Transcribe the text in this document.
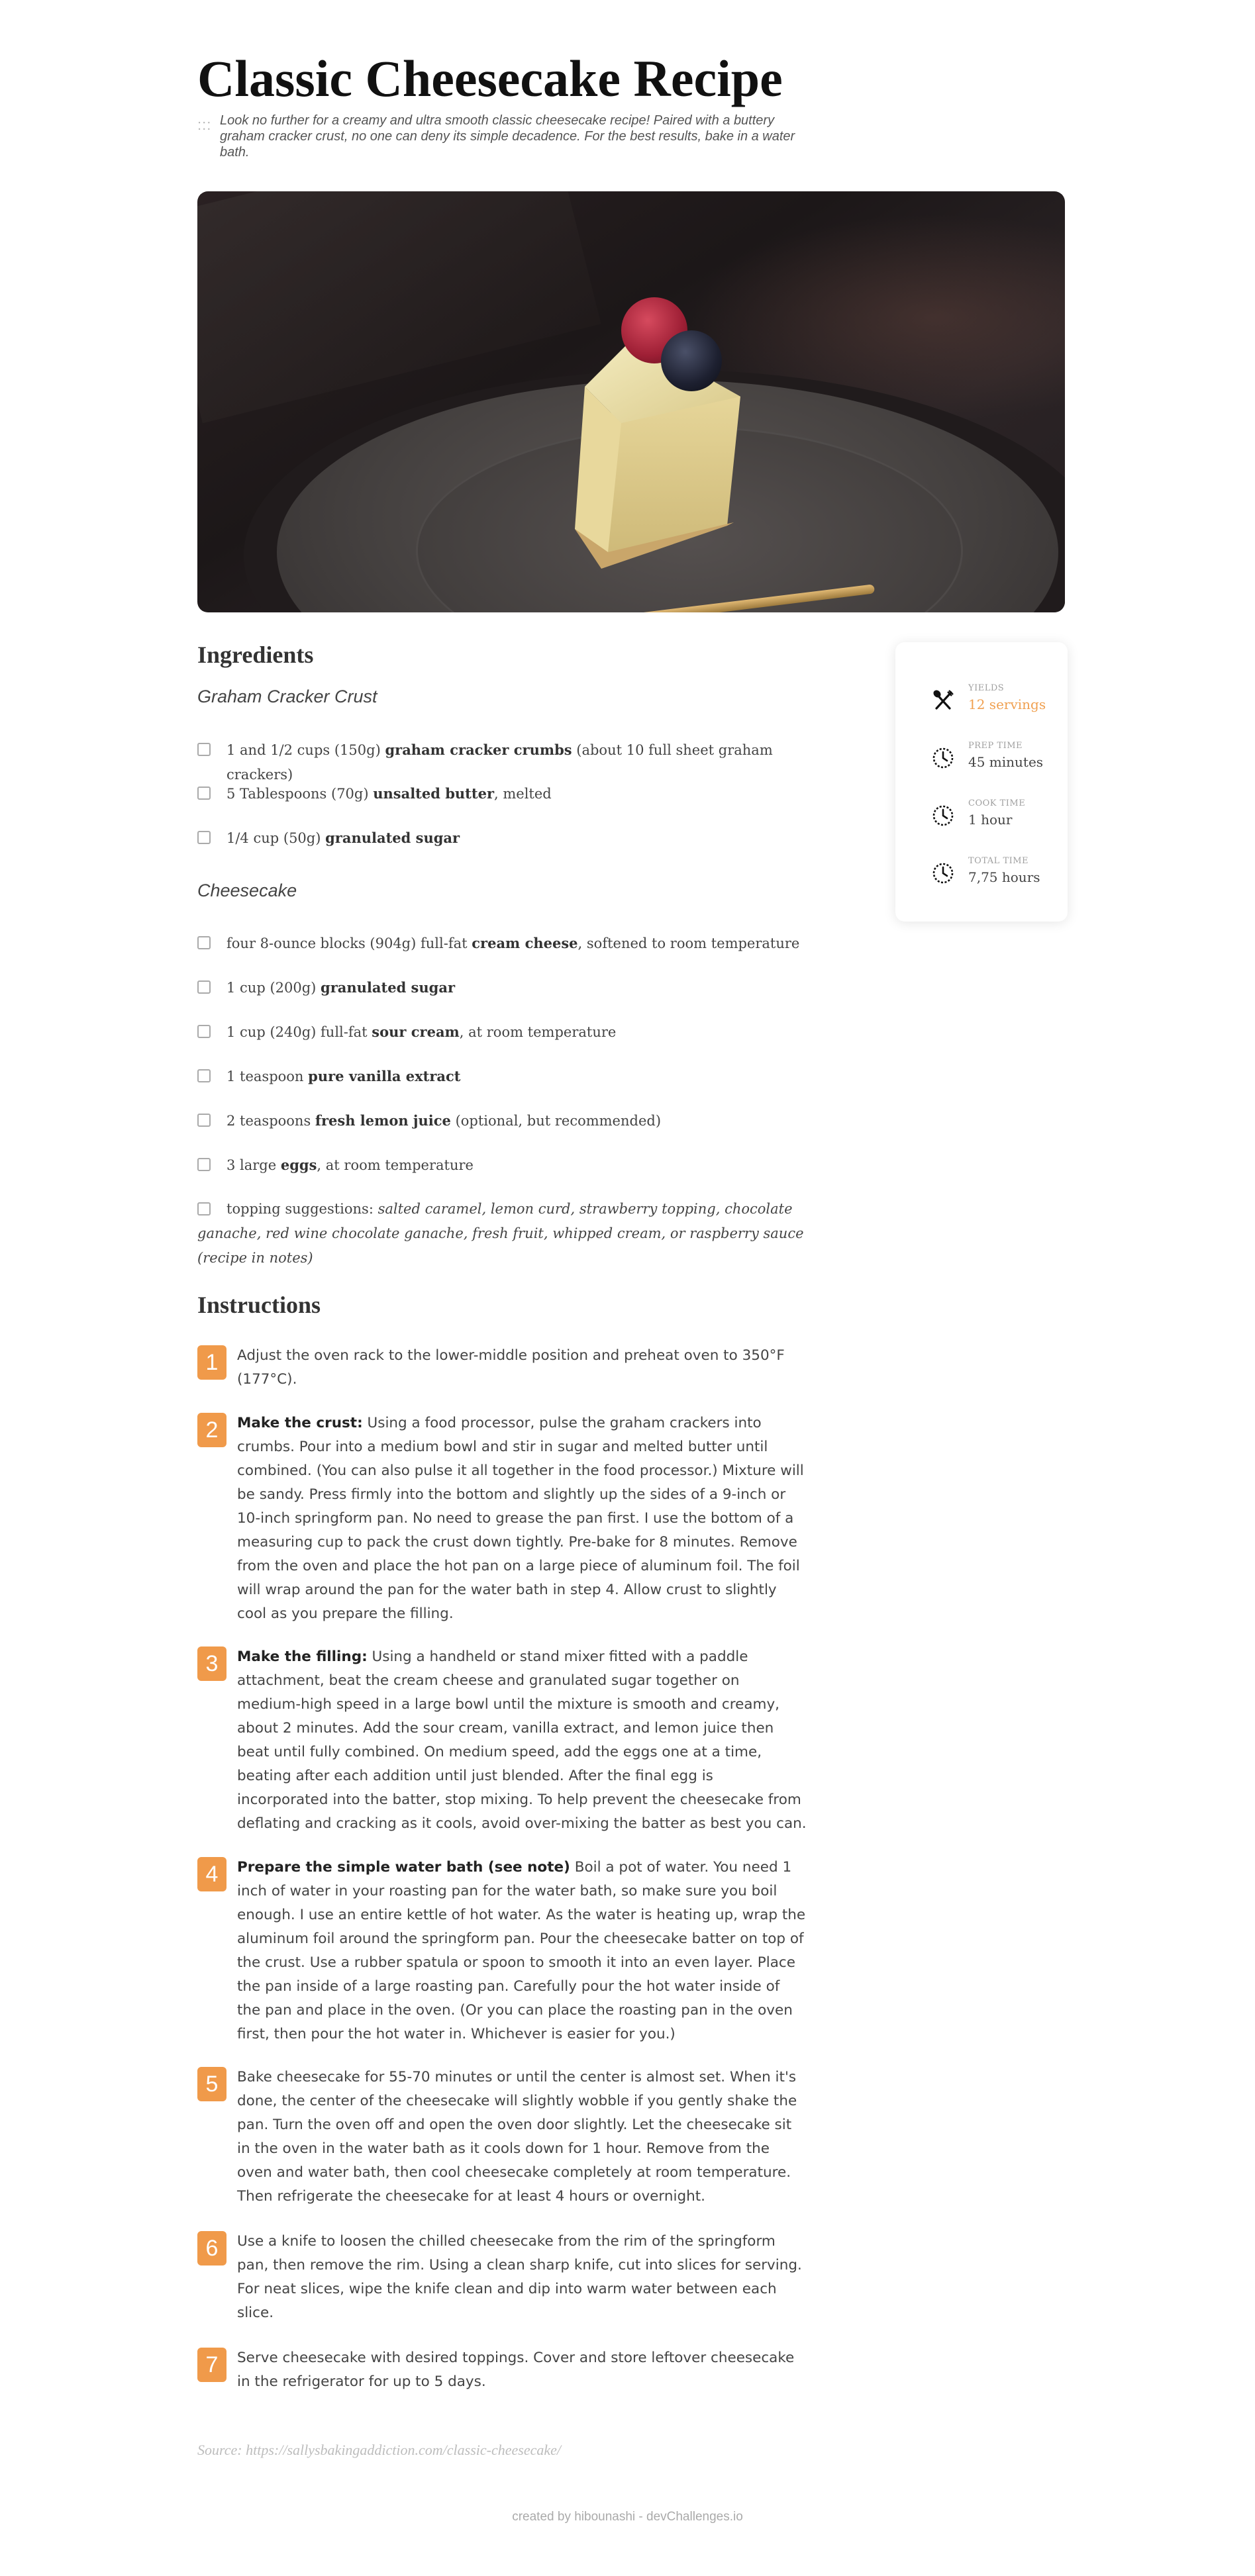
Classic Cheesecake Recipe
::: Look no further for a creamy and ultra smooth classic cheesecake recipe! Paired with a buttery graham cracker crust, no one can deny its simple decadence. For the best results, bake in a water bath.

Ingredients
Graham Cracker Crust
1 and 1/2 cups (150g) graham cracker crumbs (about 10 full sheet graham crackers)
5 Tablespoons (70g) unsalted butter, melted
1/4 cup (50g) granulated sugar
Cheesecake
four 8-ounce blocks (904g) full-fat cream cheese, softened to room temperature
1 cup (200g) granulated sugar
1 cup (240g) full-fat sour cream, at room temperature
1 teaspoon pure vanilla extract
2 teaspoons fresh lemon juice (optional, but recommended)
3 large eggs, at room temperature
topping suggestions: salted caramel, lemon curd, strawberry topping, chocolate ganache, red wine chocolate ganache, fresh fruit, whipped cream, or raspberry sauce (recipe in notes)
YIELDS
12 servings
PREP TIME
45 minutes
COOK TIME
1 hour
TOTAL TIME
7,75 hours
Instructions
1	Adjust the oven rack to the lower-middle position and preheat oven to 350°F (177°C).

2	Make the crust: Using a food processor, pulse the graham crackers into crumbs. Pour into a medium bowl and stir in sugar and melted butter until combined. (You can also pulse it all together in the food processor.) Mixture will be sandy. Press firmly into the bottom and slightly up the sides of a 9-inch or 10-inch springform pan. No need to grease the pan first. I use the bottom of a measuring cup to pack the crust down tightly. Pre-bake for 8 minutes. Remove from the oven and place the hot pan on a large piece of aluminum foil. The foil will wrap around the pan for the water bath in step 4. Allow crust to slightly cool as you prepare the filling.

3	Make the filling: Using a handheld or stand mixer fitted with a paddle attachment, beat the cream cheese and granulated sugar together on medium-high speed in a large bowl until the mixture is smooth and creamy, about 2 minutes. Add the sour cream, vanilla extract, and lemon juice then beat until fully combined. On medium speed, add the eggs one at a time, beating after each addition until just blended. After the final egg is incorporated into the batter, stop mixing. To help prevent the cheesecake from deflating and cracking as it cools, avoid over-mixing the batter as best you can.

4	Prepare the simple water bath (see note) Boil a pot of water. You need 1 inch of water in your roasting pan for the water bath, so make sure you boil enough. I use an entire kettle of hot water. As the water is heating up, wrap the aluminum foil around the springform pan. Pour the cheesecake batter on top of the crust. Use a rubber spatula or spoon to smooth it into an even layer. Place the pan inside of a large roasting pan. Carefully pour the hot water inside of the pan and place in the oven. (Or you can place the roasting pan in the oven first, then pour the hot water in. Whichever is easier for you.)

5	Bake cheesecake for 55-70 minutes or until the center is almost set. When it's done, the center of the cheesecake will slightly wobble if you gently shake the pan. Turn the oven off and open the oven door slightly. Let the cheesecake sit in the oven in the water bath as it cools down for 1 hour. Remove from the oven and water bath, then cool cheesecake completely at room temperature. Then refrigerate the cheesecake for at least 4 hours or overnight.

6	Use a knife to loosen the chilled cheesecake from the rim of the springform pan, then remove the rim. Using a clean sharp knife, cut into slices for serving. For neat slices, wipe the knife clean and dip into warm water between each slice.

7	Serve cheesecake with desired toppings. Cover and store leftover cheesecake in the refrigerator for up to 5 days.

Source: https://sallysbakingaddiction.com/classic-cheesecake/
created by hibounashi - devChallenges.io
